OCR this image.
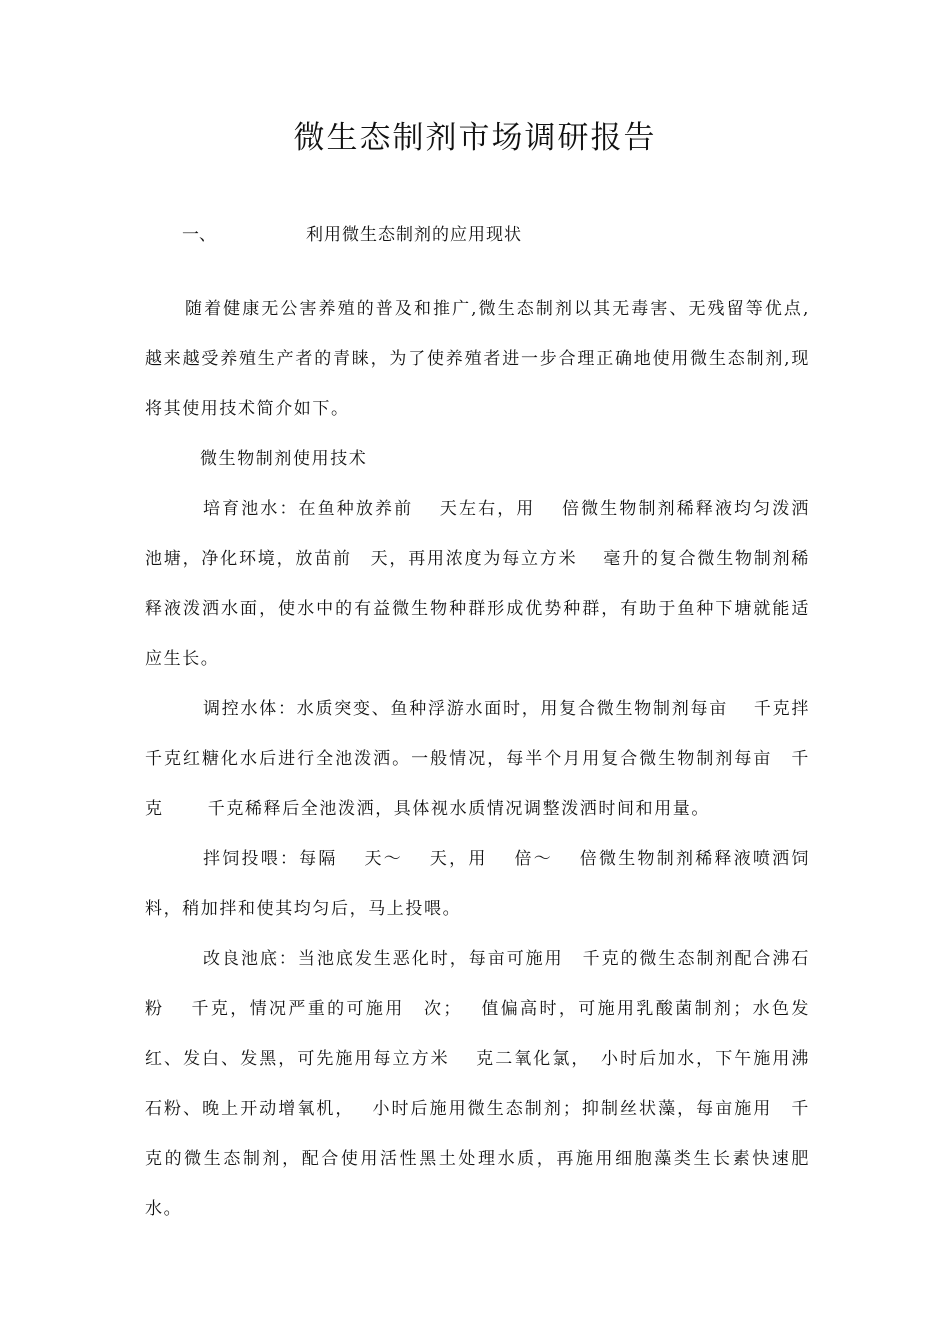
微生态制剂市场调研报告
一、	利用微生态制剂的应用现状

随着健康无公害养殖的普及和推广,微生态制剂以其无毒害、无残留等优点,越来越受养殖生产者的青睐，为了使养殖者进一步合理正确地使用微生态制剂,现将其使用技术简介如下。

微生物制剂使用技术

培育池水：在鱼种放养前　 天左右，用　 倍微生物制剂稀释液均匀泼洒池塘，净化环境，放苗前　天，再用浓度为每立方米　 毫升的复合微生物制剂稀释液泼洒水面，使水中的有益微生物种群形成优势种群，有助于鱼种下塘就能适应生长。

调控水体：水质突变、鱼种浮游水面时，用复合微生物制剂每亩　 千克拌　 千克红糖化水后进行全池泼洒。一般情况，每半个月用复合微生物制剂每亩　千克　　 千克稀释后全池泼洒，具体视水质情况调整泼洒时间和用量。

拌饲投喂：每隔　 天～　 天，用　 倍～　 倍微生物制剂稀释液喷洒饲料，稍加拌和使其均匀后，马上投喂。

改良池底：当池底发生恶化时，每亩可施用　千克的微生态制剂配合沸石粉　 千克，情况严重的可施用　次；　 值偏高时，可施用乳酸菌制剂；水色发红、发白、发黑，可先施用每立方米　 克二氧化氯，　小时后加水，下午施用沸石粉、晚上开动增氧机，　 小时后施用微生态制剂；抑制丝状藻，每亩施用　千克的微生态制剂，配合使用活性黑土处理水质，再施用细胞藻类生长素快速肥水。
